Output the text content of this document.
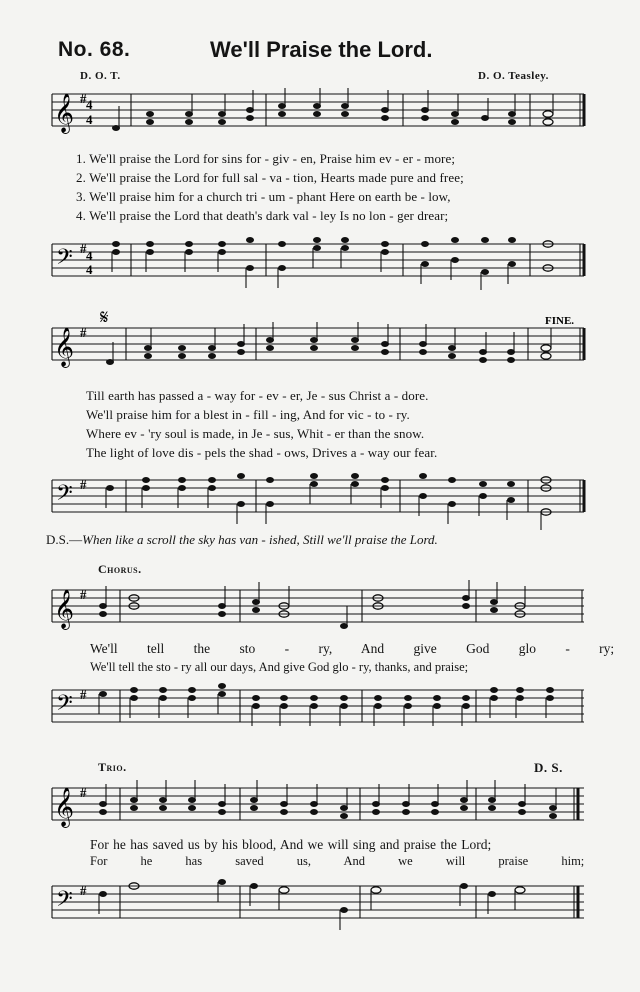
No. 68.	We'll Praise the Lord.
D. O. T.	D. O. Teasley.
𝄞 # 4
4
1. We'll praise the Lord for sins for - giv - en, Praise him ev - er - more;
2. We'll praise the Lord for full sal - va - tion, Hearts made pure and free;
3. We'll praise him for a church tri - um - phant Here on earth be - low,
4. We'll praise the Lord that death's dark val - ley Is no lon - ger drear;
𝄢 # 4
4
𝄞 #
𝄋	FINE.
Till earth has passed a - way for - ev - er, Je - sus Christ a - dore.
We'll praise him for a blest in - fill - ing, And for vic - to - ry.
Where ev - 'ry soul is made, in Je - sus, Whit - er than the snow.
The light of love dis - pels the shad - ows, Drives a - way our fear.
𝄢 #
D.S.—When like a scroll the sky has van - ished, Still we'll praise the Lord.
Chorus.
𝄞 #
We'll tell the sto - ry, And give God glo - ry;
We'll tell the sto - ry all our days, And give God glo - ry, thanks, and praise;
𝄢 #
Trio.	D. S.
𝄞 #
For he has saved us by his blood, And we will sing and praise the Lord;
For he has saved us, And we will praise him;
𝄢 #
